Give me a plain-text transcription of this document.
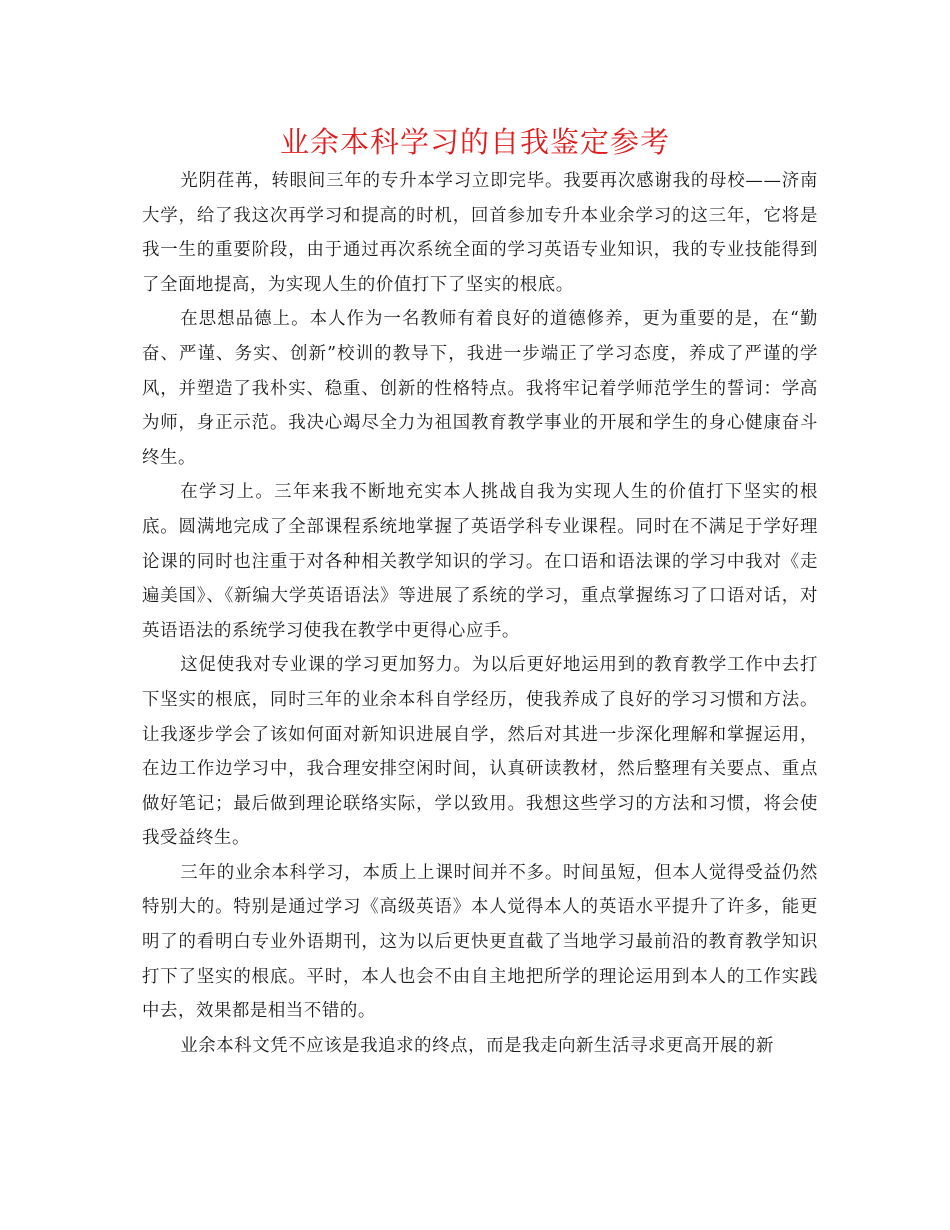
业余本科学习的自我鉴定参考

光阴荏苒，转眼间三年的专升本学习立即完毕。我要再次感谢我的母校——济南大学，给了我这次再学习和提高的时机，回首参加专升本业余学习的这三年，它将是我一生的重要阶段，由于通过再次系统全面的学习英语专业知识，我的专业技能得到了全面地提高，为实现人生的价值打下了坚实的根底。

在思想品德上。本人作为一名教师有着良好的道德修养，更为重要的是，在“勤奋、严谨、务实、创新”校训的教导下，我进一步端正了学习态度，养成了严谨的学风，并塑造了我朴实、稳重、创新的性格特点。我将牢记着学师范学生的誓词：学高为师，身正示范。我决心竭尽全力为祖国教育教学事业的开展和学生的身心健康奋斗终生。

在学习上。三年来我不断地充实本人挑战自我为实现人生的价值打下坚实的根底。圆满地完成了全部课程系统地掌握了英语学科专业课程。同时在不满足于学好理论课的同时也注重于对各种相关教学知识的学习。在口语和语法课的学习中我对《走遍美国》、《新编大学英语语法》等进展了系统的学习，重点掌握练习了口语对话，对英语语法的系统学习使我在教学中更得心应手。

这促使我对专业课的学习更加努力。为以后更好地运用到的教育教学工作中去打下坚实的根底，同时三年的业余本科自学经历，使我养成了良好的学习习惯和方法。让我逐步学会了该如何面对新知识进展自学，然后对其进一步深化理解和掌握运用，在边工作边学习中，我合理安排空闲时间，认真研读教材，然后整理有关要点、重点做好笔记；最后做到理论联络实际，学以致用。我想这些学习的方法和习惯，将会使我受益终生。

三年的业余本科学习，本质上上课时间并不多。时间虽短，但本人觉得受益仍然特别大的。特别是通过学习《高级英语》本人觉得本人的英语水平提升了许多，能更明了的看明白专业外语期刊，这为以后更快更直截了当地学习最前沿的教育教学知识打下了坚实的根底。平时，本人也会不由自主地把所学的理论运用到本人的工作实践中去，效果都是相当不错的。

业余本科文凭不应该是我追求的终点，而是我走向新生活寻求更高开展的新
